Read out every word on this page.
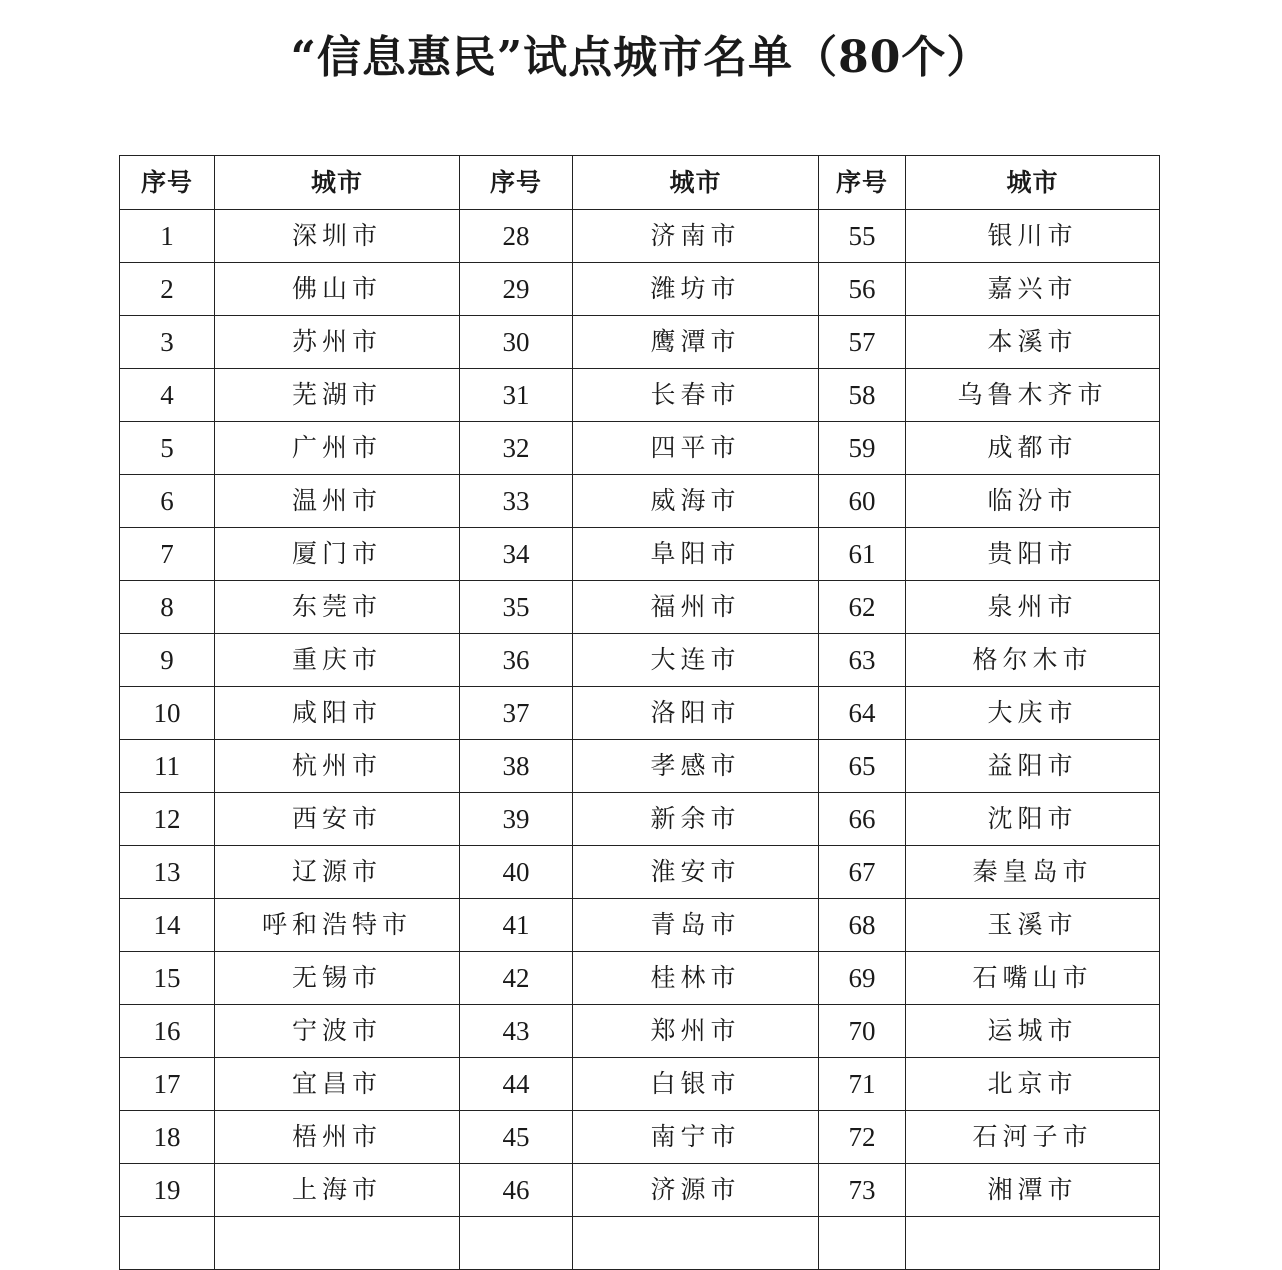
“信息惠民”试点城市名单（80个）
序号	城市	序号	城市	序号	城市
1	深圳市	28	济南市	55	银川市
2	佛山市	29	潍坊市	56	嘉兴市
3	苏州市	30	鹰潭市	57	本溪市
4	芜湖市	31	长春市	58	乌鲁木齐市
5	广州市	32	四平市	59	成都市
6	温州市	33	威海市	60	临汾市
7	厦门市	34	阜阳市	61	贵阳市
8	东莞市	35	福州市	62	泉州市
9	重庆市	36	大连市	63	格尔木市
10	咸阳市	37	洛阳市	64	大庆市
11	杭州市	38	孝感市	65	益阳市
12	西安市	39	新余市	66	沈阳市
13	辽源市	40	淮安市	67	秦皇岛市
14	呼和浩特市	41	青岛市	68	玉溪市
15	无锡市	42	桂林市	69	石嘴山市
16	宁波市	43	郑州市	70	运城市
17	宜昌市	44	白银市	71	北京市
18	梧州市	45	南宁市	72	石河子市
19	上海市	46	济源市	73	湘潭市
